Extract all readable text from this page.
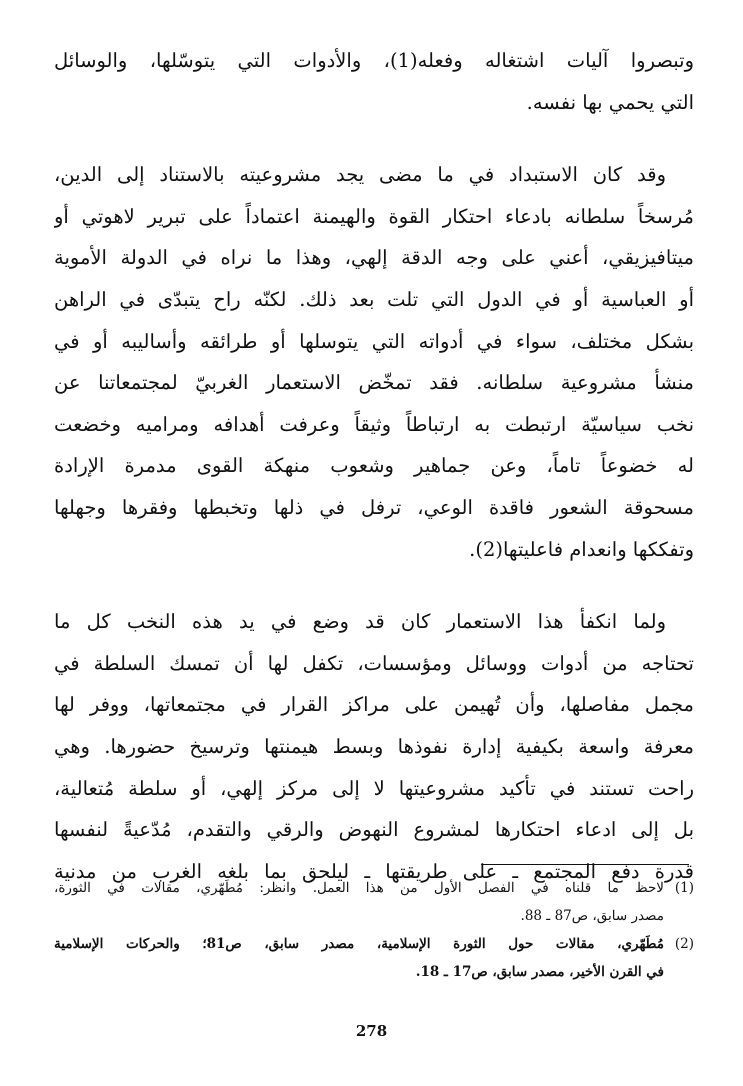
وتبصروا آليات اشتغاله وفعله(1)، والأدوات التي يتوسّلها، والوسائل
التي يحمي بها نفسه.
وقد كان الاستبداد في ما مضى يجد مشروعيته بالاستناد إلى الدين،
مُرسخاً سلطانه بادعاء احتكار القوة والهيمنة اعتماداً على تبرير لاهوتي أو
ميتافيزيقي، أعني على وجه الدقة إلهي، وهذا ما نراه في الدولة الأموية
أو العباسية أو في الدول التي تلت بعد ذلك. لكنّه راح يتبدّى في الراهن
بشكل مختلف، سواء في أدواته التي يتوسلها أو طرائقه وأساليبه أو في
منشأ مشروعية سلطانه. فقد تمخّض الاستعمار الغربيّ لمجتمعاتنا عن
نخب سياسيّة ارتبطت به ارتباطاً وثيقاً وعرفت أهدافه ومراميه وخضعت
له خضوعاً تاماً، وعن جماهير وشعوب منهكة القوى مدمرة الإرادة
مسحوقة الشعور فاقدة الوعي، ترفل في ذلها وتخبطها وفقرها وجهلها
وتفككها وانعدام فاعليتها(2).
ولما انكفأ هذا الاستعمار كان قد وضع في يد هذه النخب كل ما
تحتاجه من أدوات ووسائل ومؤسسات، تكفل لها أن تمسك السلطة في
مجمل مفاصلها، وأن تُهيمن على مراكز القرار في مجتمعاتها، ووفر لها
معرفة واسعة بكيفية إدارة نفوذها وبسط هيمنتها وترسيخ حضورها. وهي
راحت تستند في تأكيد مشروعيتها لا إلى مركز إلهي، أو سلطة مُتعالية،
بل إلى ادعاء احتكارها لمشروع النهوض والرقي والتقدم، مُدّعيةً لنفسها
قدرة دفع المجتمع ـ على طريقتها ـ ليلحق بما بلغه الغرب من مدنية
(1)
لاحظ ما قلناه في الفصل الأول من هذا العمل. وانظر: مُطَهّري، مقالات في الثورة،
مصدر سابق، ص87 ـ 88.
(2)
مُطَهّري، مقالات حول الثورة الإسلامية، مصدر سابق، ص81؛ والحركات الإسلامية
في القرن الأخير، مصدر سابق، ص17 ـ 18.
278
